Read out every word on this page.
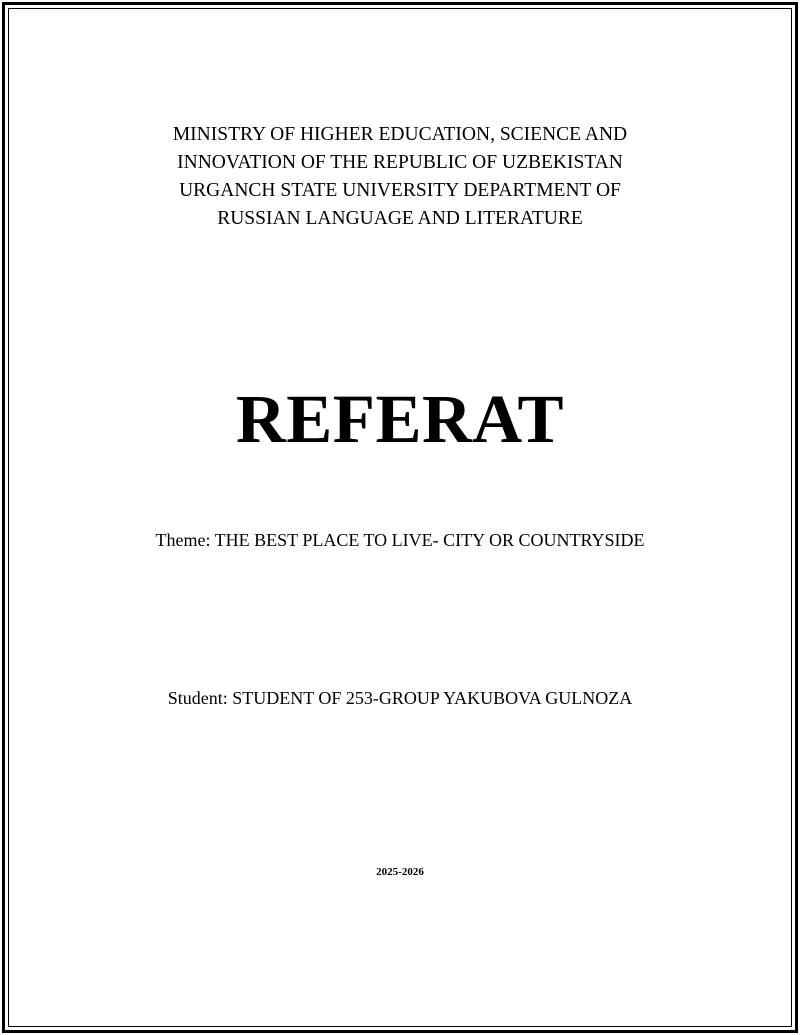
MINISTRY OF HIGHER EDUCATION, SCIENCE AND
INNOVATION OF THE REPUBLIC OF UZBEKISTAN
URGANCH STATE UNIVERSITY DEPARTMENT OF
RUSSIAN LANGUAGE AND LITERATURE
REFERAT
Theme: THE BEST PLACE TO LIVE- CITY OR COUNTRYSIDE
Student: STUDENT OF 253-GROUP YAKUBOVA GULNOZA
2025-2026
